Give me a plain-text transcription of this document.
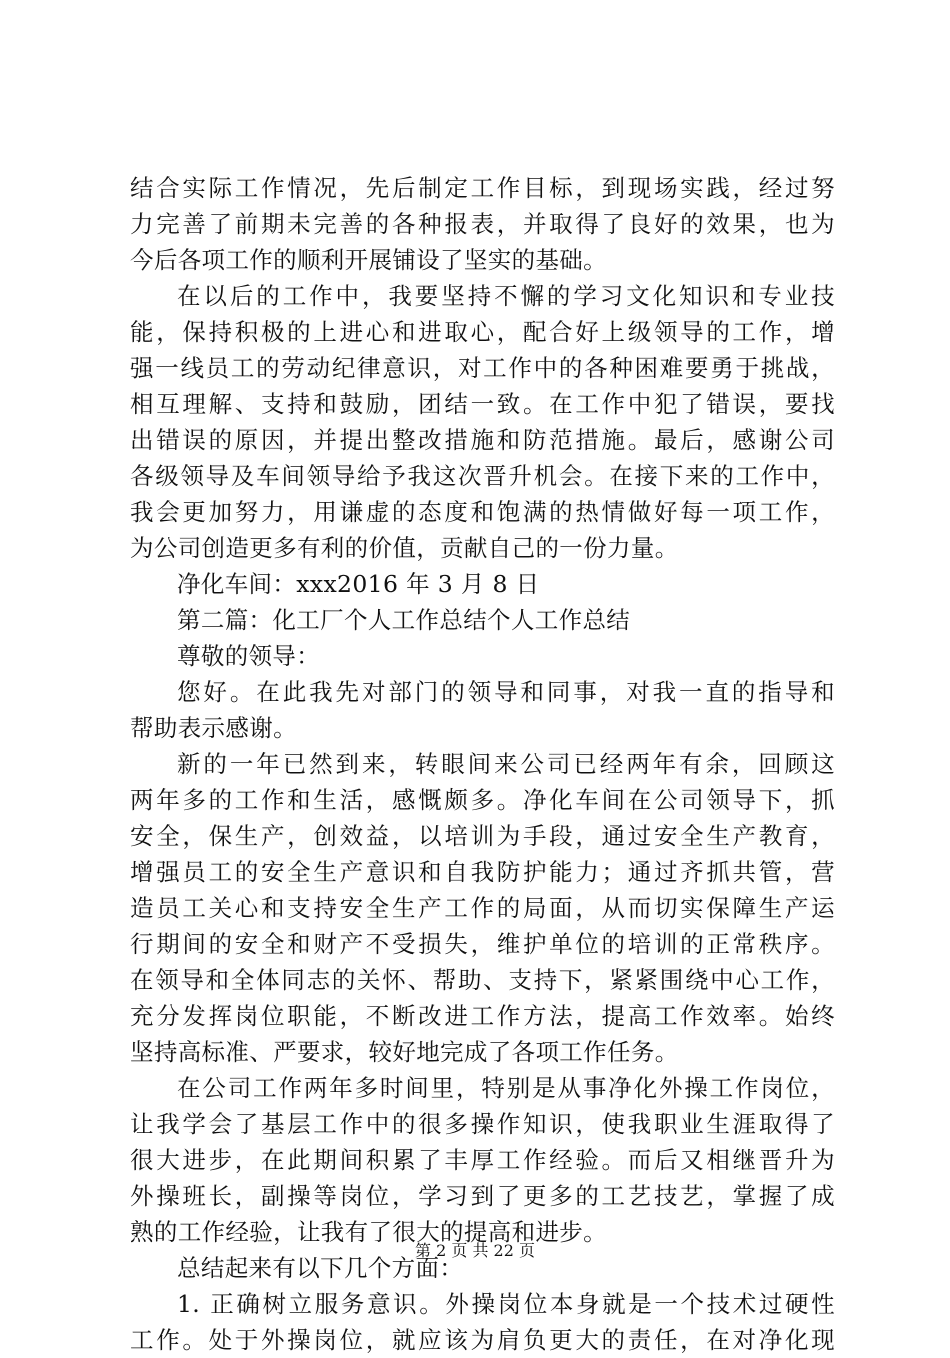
结合实际工作情况，先后制定工作目标，到现场实践，经过努
力完善了前期未完善的各种报表，并取得了良好的效果，也为
今后各项工作的顺利开展铺设了坚实的基础。
在以后的工作中，我要坚持不懈的学习文化知识和专业技
能，保持积极的上进心和进取心，配合好上级领导的工作，增
强一线员工的劳动纪律意识，对工作中的各种困难要勇于挑战，
相互理解、支持和鼓励，团结一致。在工作中犯了错误，要找
出错误的原因，并提出整改措施和防范措施。最后，感谢公司
各级领导及车间领导给予我这次晋升机会。在接下来的工作中，
我会更加努力，用谦虚的态度和饱满的热情做好每一项工作，
为公司创造更多有利的价值，贡献自己的一份力量。
净化车间：xxx2016 年 3 月 8 日
第二篇：化工厂个人工作总结个人工作总结
尊敬的领导：
您好。在此我先对部门的领导和同事，对我一直的指导和
帮助表示感谢。
新的一年已然到来，转眼间来公司已经两年有余，回顾这
两年多的工作和生活，感慨颇多。净化车间在公司领导下，抓
安全，保生产，创效益，以培训为手段，通过安全生产教育，
增强员工的安全生产意识和自我防护能力；通过齐抓共管，营
造员工关心和支持安全生产工作的局面，从而切实保障生产运
行期间的安全和财产不受损失，维护单位的培训的正常秩序。
在领导和全体同志的关怀、帮助、支持下，紧紧围绕中心工作，
充分发挥岗位职能，不断改进工作方法，提高工作效率。始终
坚持高标准、严要求，较好地完成了各项工作任务。
在公司工作两年多时间里，特别是从事净化外操工作岗位，
让我学会了基层工作中的很多操作知识，使我职业生涯取得了
很大进步，在此期间积累了丰厚工作经验。而后又相继晋升为
外操班长，副操等岗位，学习到了更多的工艺技艺，掌握了成
熟的工作经验，让我有了很大的提高和进步。
总结起来有以下几个方面：
1. 正确树立服务意识。外操岗位本身就是一个技术过硬性
工作。处于外操岗位，就应该为肩负更大的责任，在对净化现
第 2 页 共 22 页
